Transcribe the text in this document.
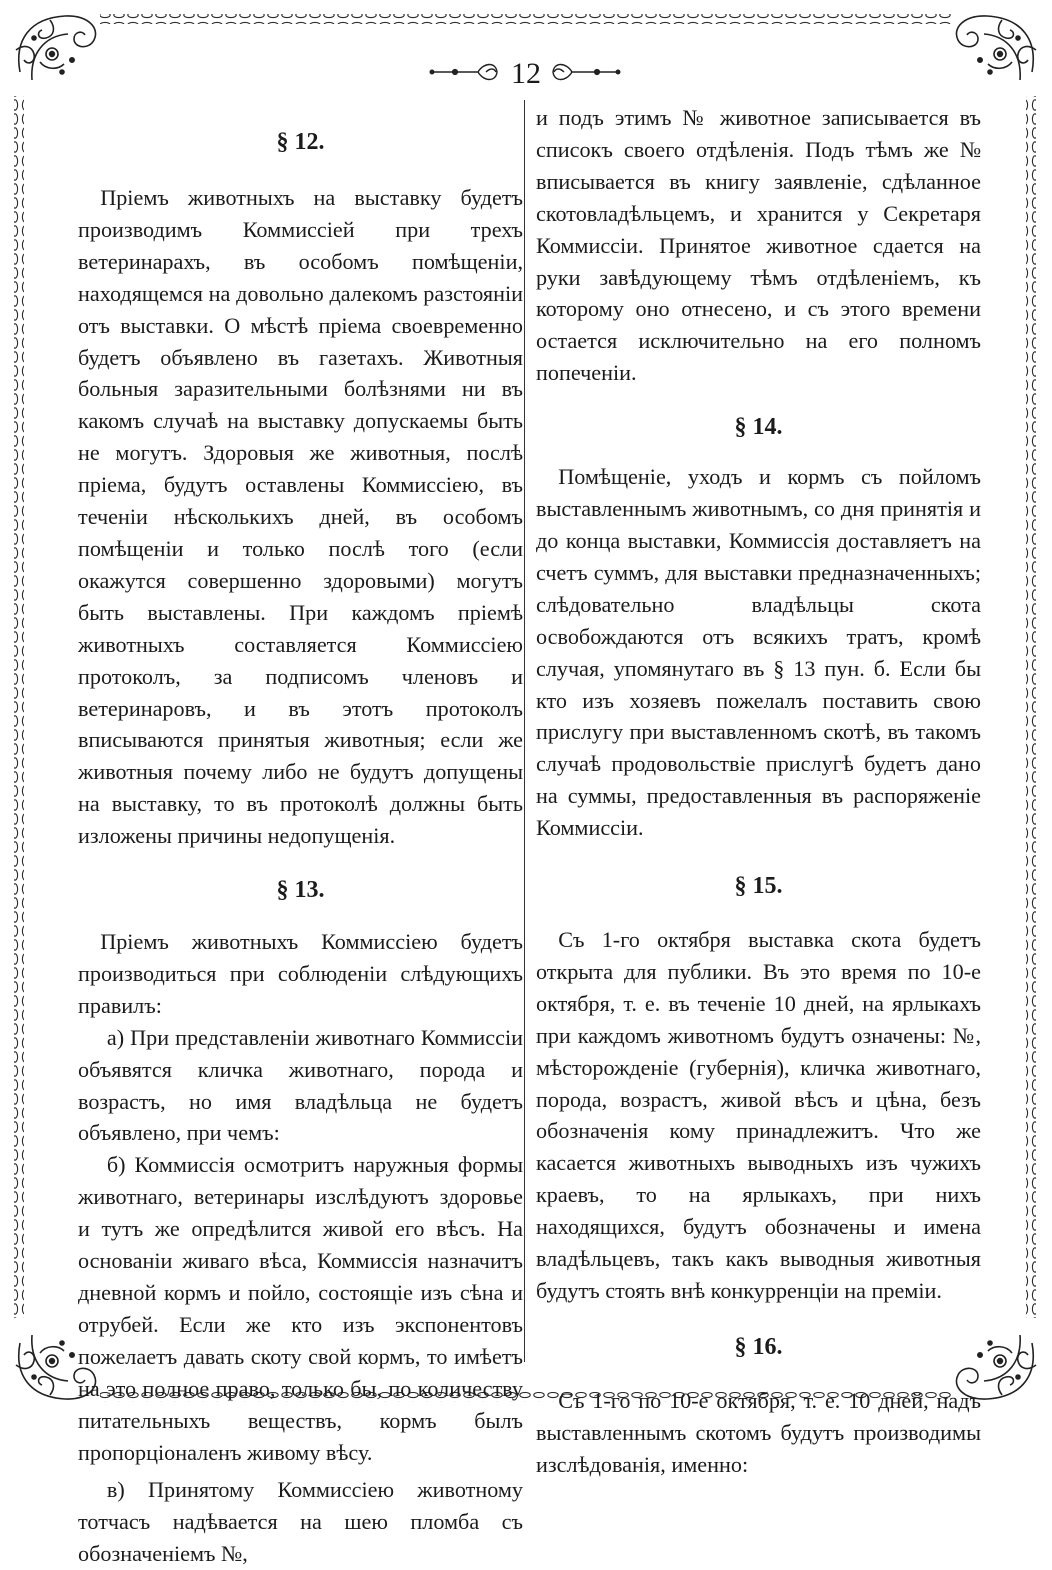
12
§ 12.

Пріемъ животныхъ на выставку будетъ производимъ Коммиссіей при трехъ ветеринарахъ, въ особомъ помѣщеніи, находящемся на довольно далекомъ разстояніи отъ выставки. О мѣстѣ пріема своевременно будетъ объявлено въ газетахъ. Животныя больныя заразительными болѣзнями ни въ какомъ случаѣ на выставку допускаемы быть не могутъ. Здоровыя же животныя, послѣ пріема, будутъ оставлены Коммиссіею, въ теченіи нѣсколькихъ дней, въ особомъ помѣщеніи и только послѣ того (если окажутся совершенно здоровыми) могутъ быть выставлены. При каждомъ пріемѣ животныхъ составляется Коммиссіею протоколъ, за подписомъ членовъ и ветеринаровъ, и въ этотъ протоколъ вписываются принятыя животныя; если же животныя почему либо не будутъ допущены на выставку, то въ протоколѣ должны быть изложены причины недопущенія.

§ 13.

Пріемъ животныхъ Коммиссіею будетъ производиться при соблюденіи слѣдующихъ правилъ:

а) При представленіи животнаго Коммиссіи объявятся кличка животнаго, порода и возрастъ, но имя владѣльца не будетъ объявлено, при чемъ:

б) Коммиссія осмотритъ наружныя формы животнаго, ветеринары изслѣдуютъ здоровье и тутъ же опредѣлится живой его вѣсъ. На основаніи живаго вѣса, Коммиссія назначитъ дневной кормъ и пойло, состоящіе изъ сѣна и отрубей. Если же кто изъ экспонентовъ пожелаетъ давать скоту свой кормъ, то имѣетъ на это полное право, только бы, по количеству питательныхъ веществъ, кормъ былъ пропорціоналенъ живому вѣсу.

в) Принятому Коммиссіею животному тотчасъ надѣвается на шею пломба съ обозначеніемъ №,

и подъ этимъ № животное записывается въ списокъ своего отдѣленія. Подъ тѣмъ же № вписывается въ книгу заявленіе, сдѣланное скотовладѣльцемъ, и хранится у Секретаря Коммиссіи. Принятое животное сдается на руки завѣдующему тѣмъ отдѣленіемъ, къ которому оно отнесено, и съ этого времени остается исключительно на его полномъ попеченіи.

§ 14.

Помѣщеніе, уходъ и кормъ съ пойломъ выставленнымъ животнымъ, со дня принятія и до конца выставки, Коммиссія доставляетъ на счетъ суммъ, для выставки предназначенныхъ; слѣдовательно владѣльцы скота освобождаются отъ всякихъ тратъ, кромѣ случая, упомянутаго въ § 13 пун. б. Если бы кто изъ хозяевъ пожелалъ поставить свою прислугу при выставленномъ скотѣ, въ такомъ случаѣ продовольствіе прислугѣ будетъ дано на суммы, предоставленныя въ распоряженіе Коммиссіи.

§ 15.

Съ 1-го октября выставка скота будетъ открыта для публики. Въ это время по 10-е октября, т. е. въ теченіе 10 дней, на ярлыкахъ при каждомъ животномъ будутъ означены: №, мѣсторожденіе (губернія), кличка животнаго, порода, возрастъ, живой вѣсъ и цѣна, безъ обозначенія кому принадлежитъ. Что же касается животныхъ выводныхъ изъ чужихъ краевъ, то на ярлыкахъ, при нихъ находящихся, будутъ обозначены и имена владѣльцевъ, такъ какъ выводныя животныя будутъ стоять внѣ конкурренціи на преміи.

§ 16.

Съ 1-го по 10-е октября, т. е. 10 дней, надъ выставленнымъ скотомъ будутъ производимы изслѣдованія, именно:
